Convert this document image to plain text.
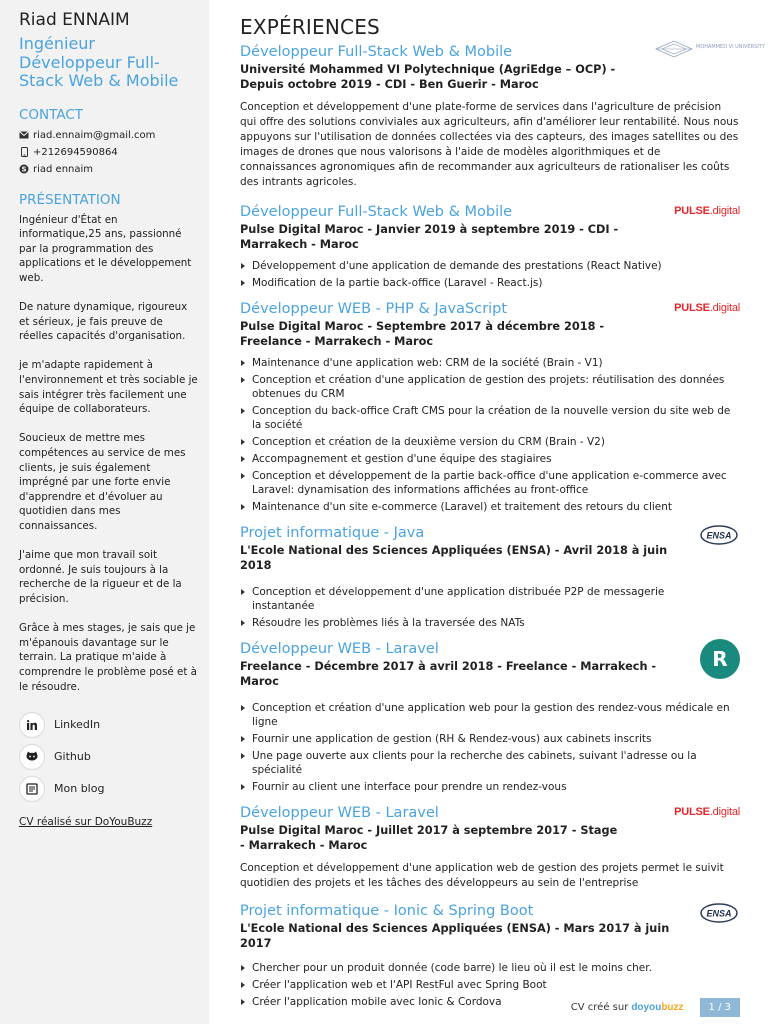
Riad ENNAIM
Ingénieur Développeur Full-Stack Web & Mobile
CONTACT
riad.ennaim@gmail.com
+212694590864
S riad ennaim
PRÉSENTATION

Ingénieur d'État en informatique,25 ans, passionné par la programmation des applications et le développement web.

De nature dynamique, rigoureux et sérieux, je fais preuve de réelles capacités d'organisation.

je m'adapte rapidement à l'environnement et très sociable je sais intégrer très facilement une équipe de collaborateurs.

Soucieux de mettre mes compétences au service de mes clients, je suis également imprégné par une forte envie d'apprendre et d'évoluer au quotidien dans mes connaissances.

J'aime que mon travail soit ordonné. Je suis toujours à la recherche de la rigueur et de la précision.

Grâce à mes stages, je sais que je m'épanouis davantage sur le terrain. La pratique m'aide à comprendre le problème posé et à le résoudre.

LinkedIn
Github
Mon blog
CV réalisé sur DoYouBuzz
EXPÉRIENCES
MOHAMMED VI UNIVERSITY
Développeur Full-Stack Web & Mobile
Université Mohammed VI Polytechnique (AgriEdge – OCP) - Depuis octobre 2019 - CDI - Ben Guerir - Maroc
Conception et développement d'une plate-forme de services dans l'agriculture de précision qui offre des solutions conviviales aux agriculteurs, afin d'améliorer leur rentabilité. Nous nous appuyons sur l'utilisation de données collectées via des capteurs, des images satellites ou des images de drones que nous valorisons à l'aide de modèles algorithmiques et de connaissances agronomiques afin de recommander aux agriculteurs de rationaliser les coûts des intrants agricoles.
PULSE.digital
Développeur Full-Stack Web & Mobile
Pulse Digital Maroc - Janvier 2019 à septembre 2019 - CDI - Marrakech - Maroc
Développement d'une application de demande des prestations (React Native)
Modification de la partie back-office (Laravel - React.js)
PULSE.digital
Développeur WEB - PHP & JavaScript
Pulse Digital Maroc - Septembre 2017 à décembre 2018 - Freelance - Marrakech - Maroc
Maintenance d'une application web: CRM de la société (Brain - V1)
Conception et création d'une application de gestion des projets: réutilisation des données obtenues du CRM
Conception du back-office Craft CMS pour la création de la nouvelle version du site web de la société
Conception et création de la deuxième version du CRM (Brain - V2)
Accompagnement et gestion d'une équipe des stagiaires
Conception et développement de la partie back-office d'une application e-commerce avec Laravel: dynamisation des informations affichées au front-office
Maintenance d'un site e-commerce (Laravel) et traitement des retours du client
ENSA
Projet informatique - Java
L'Ecole National des Sciences Appliquées (ENSA) - Avril 2018 à juin 2018
Conception et développement d'une application distribuée P2P de messagerie instantanée
Résoudre les problèmes liés à la traversée des NATs
R
Développeur WEB - Laravel
Freelance - Décembre 2017 à avril 2018 - Freelance - Marrakech - Maroc
Conception et création d'une application web pour la gestion des rendez-vous médicale en ligne
Fournir une application de gestion (RH & Rendez-vous) aux cabinets inscrits
Une page ouverte aux clients pour la recherche des cabinets, suivant l'adresse ou la spécialité
Fournir au client une interface pour prendre un rendez-vous
PULSE.digital
Développeur WEB - Laravel
Pulse Digital Maroc - Juillet 2017 à septembre 2017 - Stage - Marrakech - Maroc
Conception et développement d'une application web de gestion des projets permet le suivit quotidien des projets et les tâches des développeurs au sein de l'entreprise
ENSA
Projet informatique - Ionic & Spring Boot
L'Ecole National des Sciences Appliquées (ENSA) - Mars 2017 à juin 2017
Chercher pour un produit donnée (code barre) le lieu où il est le moins cher.
Créer l'application web et l'API RestFul avec Spring Boot
Créer l'application mobile avec Ionic & Cordova	CV créé sur doyoubuzz	1 / 3
